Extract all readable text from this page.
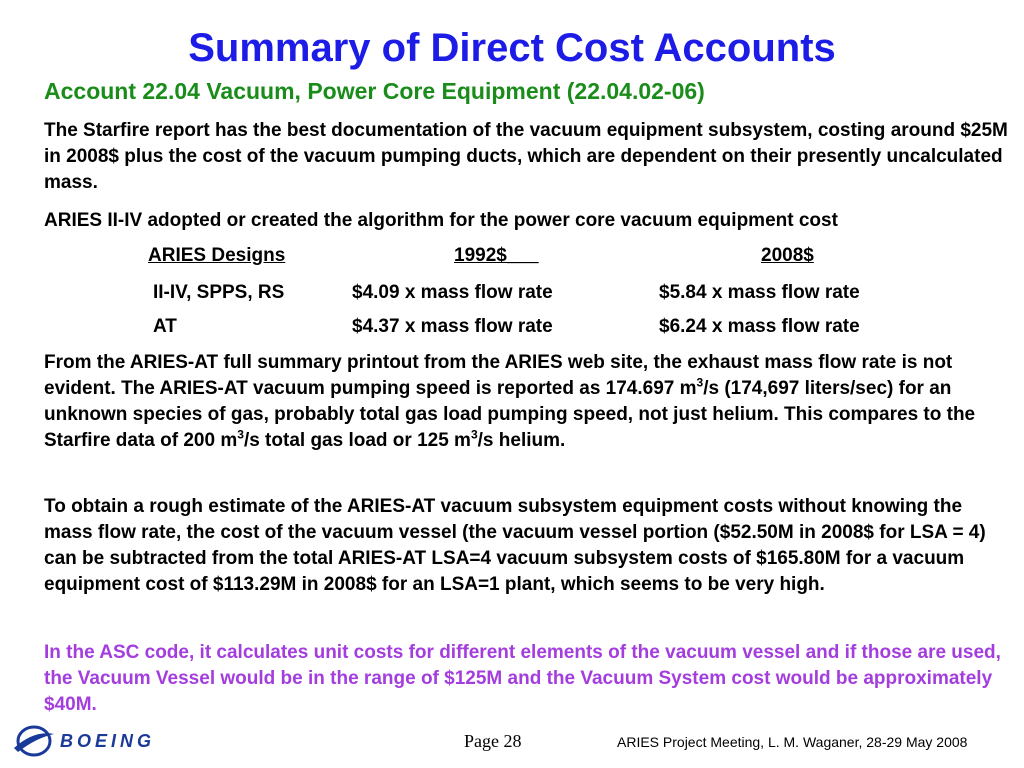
Summary of Direct Cost Accounts
Account 22.04 Vacuum, Power Core Equipment (22.04.02-06)
The Starfire report has the best documentation of the vacuum equipment subsystem, costing around $25M in 2008$ plus the cost of the vacuum pumping ducts, which are dependent on their presently uncalculated mass.
ARIES II-IV adopted or created the algorithm for the power core vacuum equipment cost
ARIES Designs	1992$___	2008$
II-IV, SPPS, RS	$4.09 x mass flow rate	$5.84 x mass flow rate
AT	$4.37 x mass flow rate	$6.24 x mass flow rate
From the ARIES-AT full summary printout from the ARIES web site, the exhaust mass flow rate is not evident. The ARIES-AT vacuum pumping speed is reported as 174.697 $m^3/s$ (174,697 liters/sec) for an unknown species of gas, probably total gas load pumping speed, not just helium. This compares to the Starfire data of 200 $m^3/s$ total gas load or 125 $m^3/s$ helium.
To obtain a rough estimate of the ARIES-AT vacuum subsystem equipment costs without knowing the mass flow rate, the cost of the vacuum vessel (the vacuum vessel portion ($52.50M in 2008$ for LSA = 4) can be subtracted from the total ARIES-AT LSA=4 vacuum subsystem costs of $165.80M for a vacuum equipment cost of $113.29M in 2008$ for an LSA=1 plant, which seems to be very high.
In the ASC code, it calculates unit costs for different elements of the vacuum vessel and if those are used, the Vacuum Vessel would be in the range of $125M and the Vacuum System cost would be approximately $40M.
BOEING	Page 28	ARIES Project Meeting, L. M. Waganer, 28-29 May 2008
